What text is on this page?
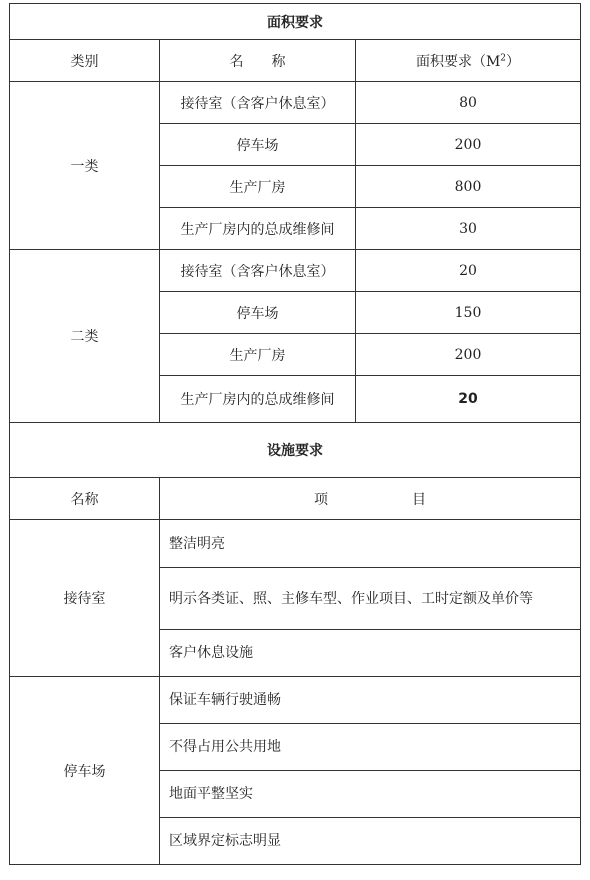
面积要求		
类别	名　　称	面积要求$(M^2)$
一类	接待室（含客户休息室）	80
	停车场	200
	生产厂房	800
	生产厂房内的总成维修间	30
二类	接待室（含客户休息室）	20
	停车场	150
	生产厂房	200
	生产厂房内的总成维修间	20
设施要求		
名称	项　　　　　　目	
接待室	整洁明亮	
	明示各类证、照、主修车型、作业项目、工时定额及单价等	
	客户休息设施	
停车场	保证车辆行驶通畅	
	不得占用公共用地	
	地面平整坚实	
	区域界定标志明显	
